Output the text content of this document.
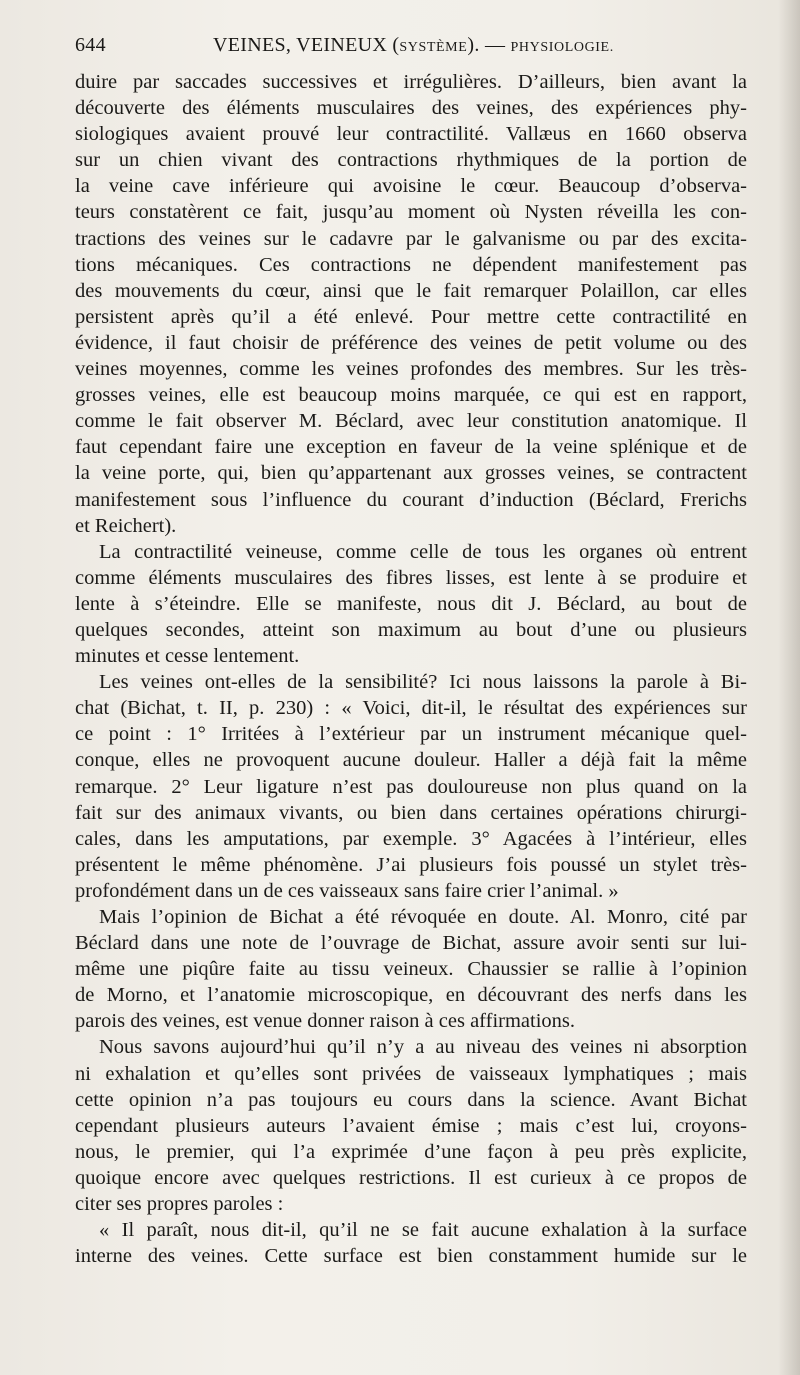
644	VEINES, VEINEUX (SYSTÈME). — PHYSIOLOGIE.
duire par saccades successives et irrégulières. D’ailleurs, bien avant la
découverte des éléments musculaires des veines, des expériences phy-
siologiques avaient prouvé leur contractilité. Vallæus en 1660 observa
sur un chien vivant des contractions rhythmiques de la portion de
la veine cave inférieure qui avoisine le cœur. Beaucoup d’observa-
teurs constatèrent ce fait, jusqu’au moment où Nysten réveilla les con-
tractions des veines sur le cadavre par le galvanisme ou par des excita-
tions mécaniques. Ces contractions ne dépendent manifestement pas
des mouvements du cœur, ainsi que le fait remarquer Polaillon, car elles
persistent après qu’il a été enlevé. Pour mettre cette contractilité en
évidence, il faut choisir de préférence des veines de petit volume ou des
veines moyennes, comme les veines profondes des membres. Sur les très-
grosses veines, elle est beaucoup moins marquée, ce qui est en rapport,
comme le fait observer M. Béclard, avec leur constitution anatomique. Il
faut cependant faire une exception en faveur de la veine splénique et de
la veine porte, qui, bien qu’appartenant aux grosses veines, se contractent
manifestement sous l’influence du courant d’induction (Béclard, Frerichs
et Reichert).
La contractilité veineuse, comme celle de tous les organes où entrent
comme éléments musculaires des fibres lisses, est lente à se produire et
lente à s’éteindre. Elle se manifeste, nous dit J. Béclard, au bout de
quelques secondes, atteint son maximum au bout d’une ou plusieurs
minutes et cesse lentement.
Les veines ont-elles de la sensibilité? Ici nous laissons la parole à Bi-
chat (Bichat, t. II, p. 230) : « Voici, dit-il, le résultat des expériences sur
ce point : 1° Irritées à l’extérieur par un instrument mécanique quel-
conque, elles ne provoquent aucune douleur. Haller a déjà fait la même
remarque. 2° Leur ligature n’est pas douloureuse non plus quand on la
fait sur des animaux vivants, ou bien dans certaines opérations chirurgi-
cales, dans les amputations, par exemple. 3° Agacées à l’intérieur, elles
présentent le même phénomène. J’ai plusieurs fois poussé un stylet très-
profondément dans un de ces vaisseaux sans faire crier l’animal. »
Mais l’opinion de Bichat a été révoquée en doute. Al. Monro, cité par
Béclard dans une note de l’ouvrage de Bichat, assure avoir senti sur lui-
même une piqûre faite au tissu veineux. Chaussier se rallie à l’opinion
de Morno, et l’anatomie microscopique, en découvrant des nerfs dans les
parois des veines, est venue donner raison à ces affirmations.
Nous savons aujourd’hui qu’il n’y a au niveau des veines ni absorption
ni exhalation et qu’elles sont privées de vaisseaux lymphatiques ; mais
cette opinion n’a pas toujours eu cours dans la science. Avant Bichat
cependant plusieurs auteurs l’avaient émise ; mais c’est lui, croyons-
nous, le premier, qui l’a exprimée d’une façon à peu près explicite,
quoique encore avec quelques restrictions. Il est curieux à ce propos de
citer ses propres paroles :
« Il paraît, nous dit-il, qu’il ne se fait aucune exhalation à la surface
interne des veines. Cette surface est bien constamment humide sur le
